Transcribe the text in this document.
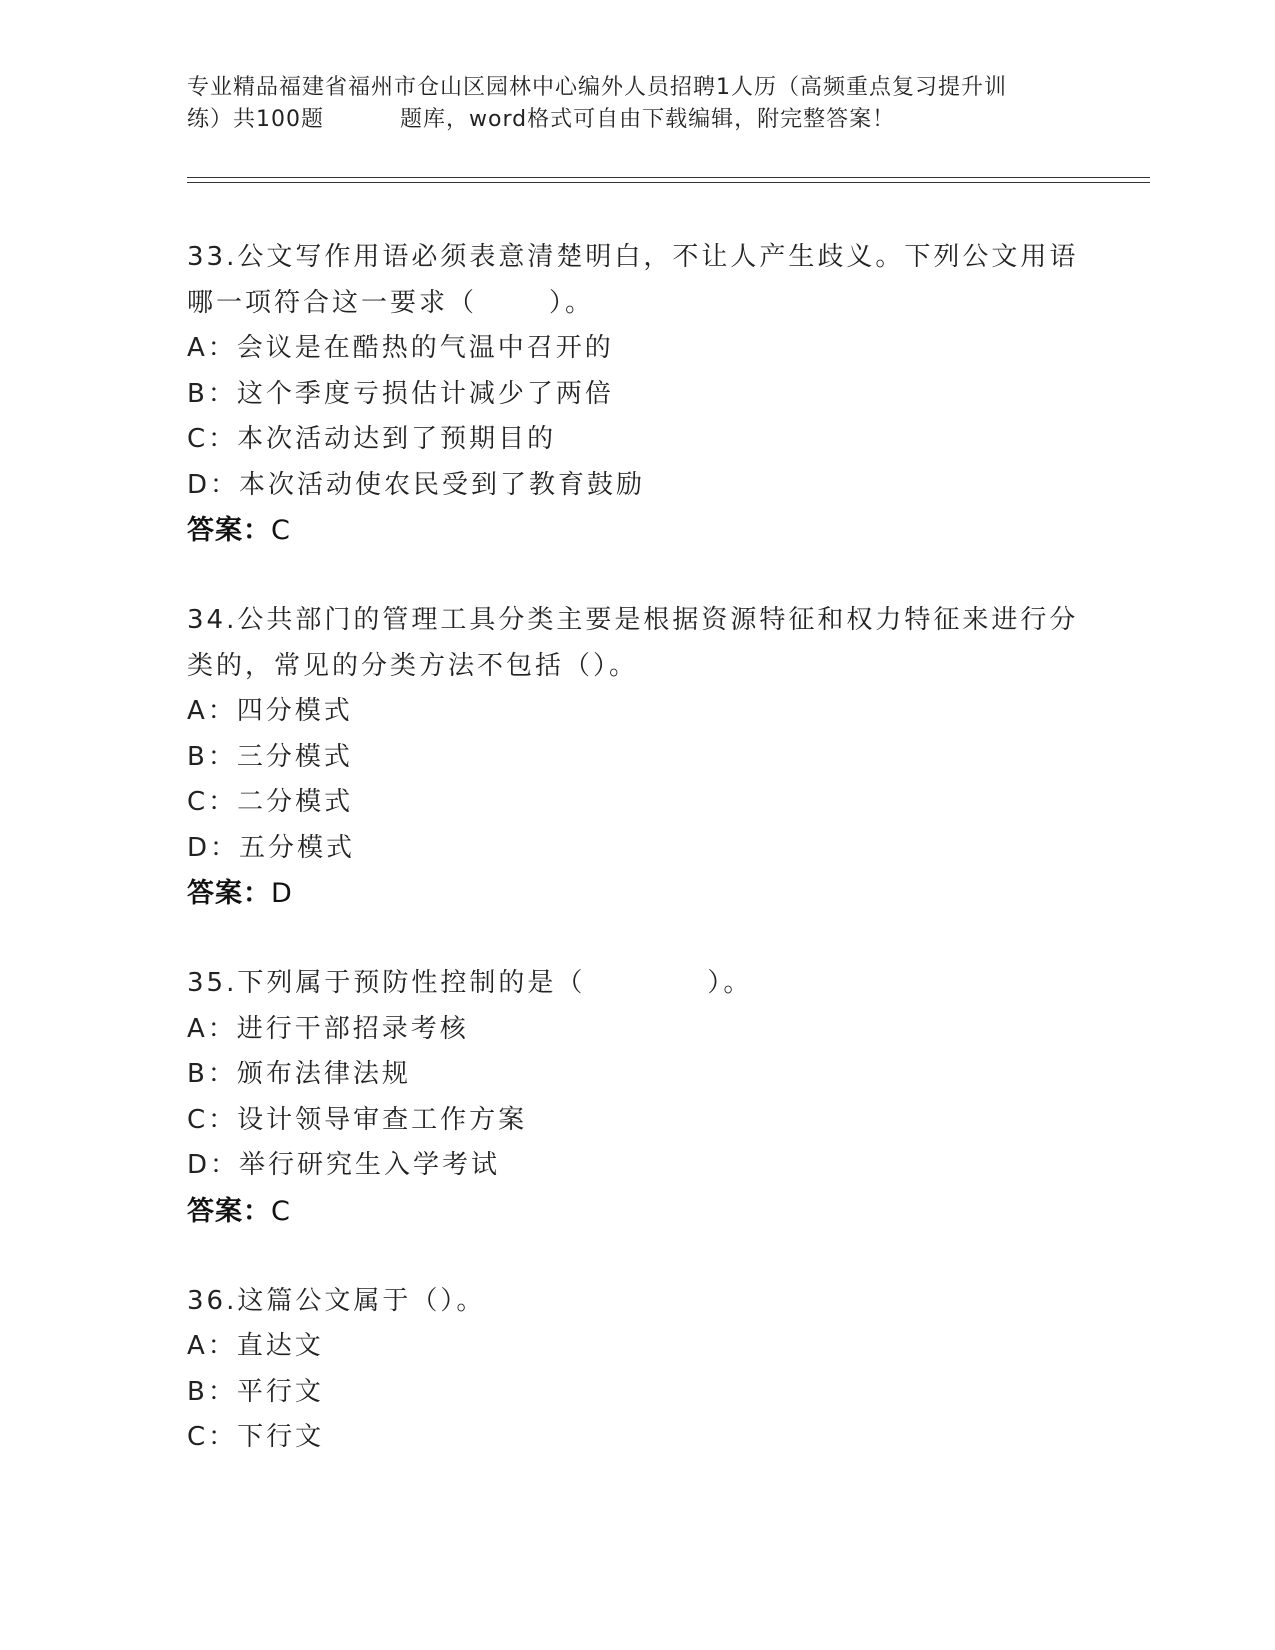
专业精品福建省福州市仓山区园林中心编外人员招聘1人历（高频重点复习提升训
练）共100题	题库，word格式可自由下载编辑，附完整答案！
33.公文写作用语必须表意清楚明白，不让人产生歧义。下列公文用语
哪一项符合这一要求（	）。
A：会议是在酷热的气温中召开的
B：这个季度亏损估计减少了两倍
C：本次活动达到了预期目的
D：本次活动使农民受到了教育鼓励
答案：C
34.公共部门的管理工具分类主要是根据资源特征和权力特征来进行分
类的，常见的分类方法不包括（）。
A：四分模式
B：三分模式
C：二分模式
D：五分模式
答案：D
35.下列属于预防性控制的是（	）。
A：进行干部招录考核
B：颁布法律法规
C：设计领导审查工作方案
D：举行研究生入学考试
答案：C
36.这篇公文属于（）。
A：直达文
B：平行文
C：下行文
